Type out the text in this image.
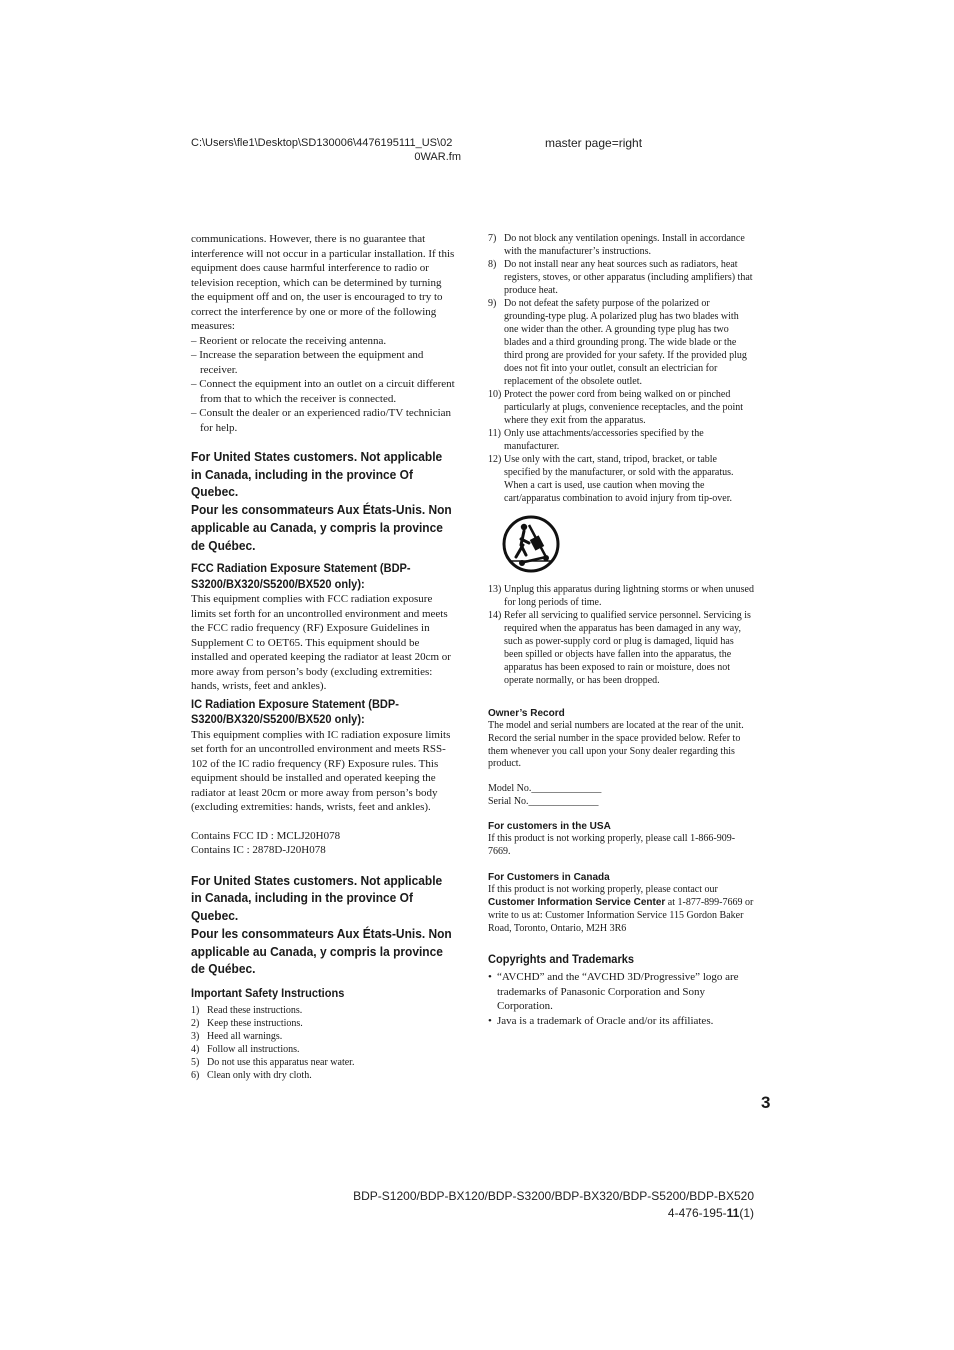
C:\Users\fle1\Desktop\SD130006\4476195111_US\02
0WAR.fm
master page=right

communications. However, there is no guarantee that interference will not occur in a particular installation. If this equipment does cause harmful interference to radio or television reception, which can be determined by turning the equipment off and on, the user is encouraged to try to correct the interference by one or more of the following measures:

– Reorient or relocate the receiving antenna.

– Increase the separation between the equipment and receiver.

– Connect the equipment into an outlet on a circuit different from that to which the receiver is connected.

– Consult the dealer or an experienced radio/TV technician for help.

For United States customers. Not applicable in Canada, including in the province Of Quebec.

Pour les consommateurs Aux États-Unis. Non applicable au Canada, y compris la province de Québec.

FCC Radiation Exposure Statement (BDP-S3200/BX320/S5200/BX520 only):

This equipment complies with FCC radiation exposure limits set forth for an uncontrolled environment and meets the FCC radio frequency (RF) Exposure Guidelines in Supplement C to OET65. This equipment should be installed and operated keeping the radiator at least 20cm or more away from person’s body (excluding extremities: hands, wrists, feet and ankles).

IC Radiation Exposure Statement (BDP-S3200/BX320/S5200/BX520 only):

This equipment complies with IC radiation exposure limits set forth for an uncontrolled environment and meets RSS-102 of the IC radio frequency (RF) Exposure rules. This equipment should be installed and operated keeping the radiator at least 20cm or more away from person’s body (excluding extremities: hands, wrists, feet and ankles).

Contains FCC ID : MCLJ20H078

Contains IC : 2878D-J20H078

For United States customers. Not applicable in Canada, including in the province Of Quebec.

Pour les consommateurs Aux États-Unis. Non applicable au Canada, y compris la province de Québec.

Important Safety Instructions

1) Read these instructions.

2) Keep these instructions.

3) Heed all warnings.

4) Follow all instructions.

5) Do not use this apparatus near water.

6) Clean only with dry cloth.

7) Do not block any ventilation openings. Install in accordance with the manufacturer’s instructions.

8) Do not install near any heat sources such as radiators, heat registers, stoves, or other apparatus (including amplifiers) that produce heat.

9) Do not defeat the safety purpose of the polarized or grounding-type plug. A polarized plug has two blades with one wider than the other. A grounding type plug has two blades and a third grounding prong. The wide blade or the third prong are provided for your safety. If the provided plug does not fit into your outlet, consult an electrician for replacement of the obsolete outlet.

10) Protect the power cord from being walked on or pinched particularly at plugs, convenience receptacles, and the point where they exit from the apparatus.

11) Only use attachments/accessories specified by the manufacturer.

12) Use only with the cart, stand, tripod, bracket, or table specified by the manufacturer, or sold with the apparatus. When a cart is used, use caution when moving the cart/apparatus combination to avoid injury from tip-over.

13) Unplug this apparatus during lightning storms or when unused for long periods of time.

14) Refer all servicing to qualified service personnel. Servicing is required when the apparatus has been damaged in any way, such as power-supply cord or plug is damaged, liquid has been spilled or objects have fallen into the apparatus, the apparatus has been exposed to rain or moisture, does not operate normally, or has been dropped.

Owner’s Record

The model and serial numbers are located at the rear of the unit. Record the serial number in the space provided below. Refer to them whenever you call upon your Sony dealer regarding this product.

Model No.______________

Serial No.______________

For customers in the USA

If this product is not working properly, please call 1-866-909-7669.

For Customers in Canada

If this product is not working properly, please contact our Customer Information Service Center at 1-877-899-7669 or write to us at: Customer Information Service 115 Gordon Baker Road, Toronto, Ontario, M2H 3R6

Copyrights and Trademarks

• “AVCHD” and the “AVCHD 3D/Progressive” logo are trademarks of Panasonic Corporation and Sony Corporation.

• Java is a trademark of Oracle and/or its affiliates.

3
BDP-S1200/BDP-BX120/BDP-S3200/BDP-BX320/BDP-S5200/BDP-BX520
4-476-195-11(1)
